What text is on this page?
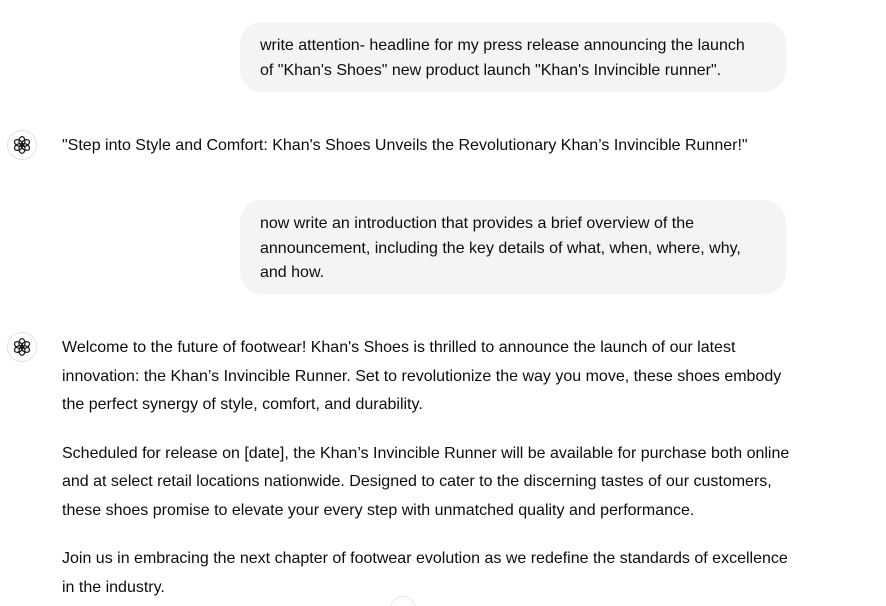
write attention- headline for my press release announcing the launch

of "Khan's Shoes" new product launch "Khan's Invincible runner".

"Step into Style and Comfort: Khan's Shoes Unveils the Revolutionary Khan’s Invincible Runner!"

now write an introduction that provides a brief overview of the

announcement, including the key details of what, when, where, why,

and how.

Welcome to the future of footwear! Khan's Shoes is thrilled to announce the launch of our latest innovation: the Khan’s Invincible Runner. Set to revolutionize the way you move, these shoes embody the perfect synergy of style, comfort, and durability.

Scheduled for release on [date], the Khan’s Invincible Runner will be available for purchase both online and at select retail locations nationwide. Designed to cater to the discerning tastes of our customers, these shoes promise to elevate your every step with unmatched quality and performance.

Join us in embracing the next chapter of footwear evolution as we redefine the standards of excellence in the industry.
